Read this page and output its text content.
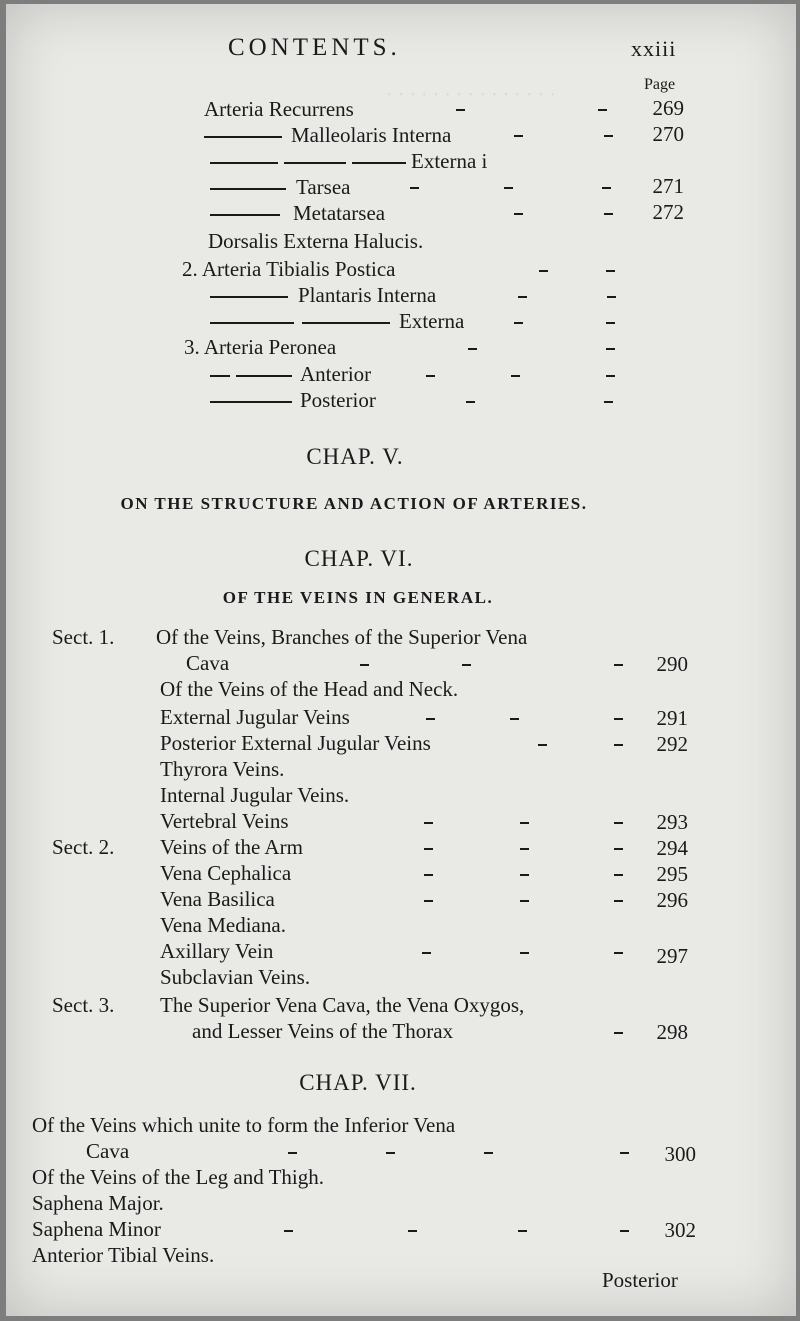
· · · · · · · · · · · · · · ·
CONTENTS.	xxiii
Page
Arteria Recurrens	269
Malleolaris Interna	270
Externa i
Tarsea	271
Metatarsea	272
Dorsalis Externa Halucis.
2. Arteria Tibialis Postica
Plantaris Interna
Externa
3. Arteria Peronea
Anterior
Posterior
CHAP. V.
ON THE STRUCTURE AND ACTION OF ARTERIES.
CHAP. VI.
OF THE VEINS IN GENERAL.
Sect. 1. Of the Veins, Branches of the Superior Vena
Cava	290
Of the Veins of the Head and Neck.
External Jugular Veins	291
Posterior External Jugular Veins	292
Thyrora Veins.
Internal Jugular Veins.
Vertebral Veins	293
Sect. 2. Veins of the Arm	294
Vena Cephalica	295
Vena Basilica	296
Vena Mediana.
Axillary Vein	297
Subclavian Veins.
Sect. 3. The Superior Vena Cava, the Vena Oxygos,
and Lesser Veins of the Thorax	298
CHAP. VII.
Of the Veins which unite to form the Inferior Vena
Cava	300
Of the Veins of the Leg and Thigh.
Saphena Major.
Saphena Minor	302
Anterior Tibial Veins.
Posterior
